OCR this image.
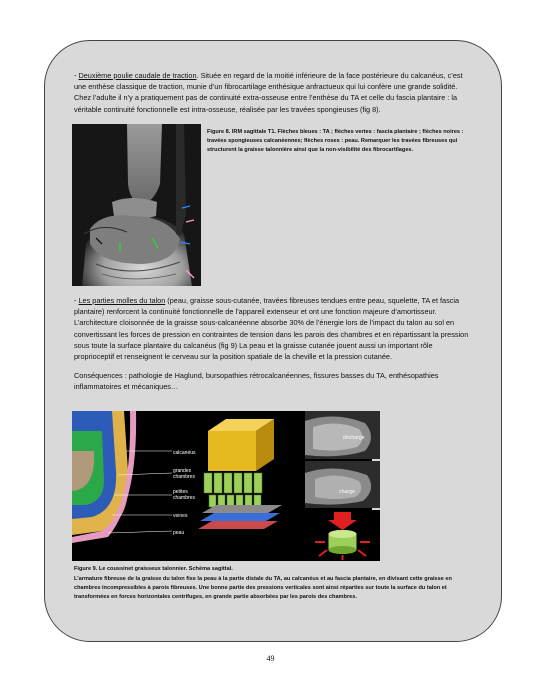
- Deuxième poulie caudale de traction. Située en regard de la moitié inférieure de la face postérieure du calcanéus, c’est une enthèse classique de traction, munie d’un fibrocartilage enthésique anfractueux qui lui confère une grande solidité. Chez l’adulte il n’y a pratiquement pas de continuité extra-osseuse entre l’enthèse du TA et celle du fascia plantaire : la véritable continuité fonctionnelle est intra-osseuse, réalisée par les travées spongieuses (fig 8).

Figure 8. IRM sagittale T1. Flèches bleues : TA ; flèches vertes : fascia plantaire ; flèches noires : travées spongieuses calcanéennes; flèches roses : peau. Remarquer les travées fibreuses qui structurent la graisse talonnière ainsi que la non-visibilité des fibrocartilages.

- Les parties molles du talon (peau, graisse sous-cutanée, travées fibreuses tendues entre peau, squelette, TA et fascia plantaire) renforcent la continuité fonctionnelle de l’appareil extenseur et ont une fonction majeure d’amortisseur. L’architecture cloisonnée de la graisse sous-calcanéenne absorbe 30% de l’énergie lors de l’impact du talon au sol en convertissant les forces de pression en contraintes de tension dans les parois des chambres et en répartissant la pression sous toute la surface plantaire du calcanéus (fig 9) La peau et la graisse cutanée jouent aussi un important rôle proprioceptif et renseignent le cerveau sur la position spatiale de la cheville et la pression cutanée.

Conséquences : pathologie de Haglund, bursopathies rétrocalcanéennes, fissures basses du TA, enthésopathies inflammatoires et mécaniques…

calcanéus
grandes
chambres
petites
chambres
veines
peau
décharge
charge

Figure 9. Le coussinet graisseux talonnier. Schéma sagittal.

L’armature fibreuse de la graisse du talon fixe la peau à la partie distale du TA, au calcanéus et au fascia plantaire, en divisant cette graisse en chambres incompressibles à parois fibreuses. Une bonne partie des pressions verticales sont ainsi réparties sur toute la surface du talon et transformées en forces horizontales centrifuges, en grande partie absorbées par les parois des chambres.

49
